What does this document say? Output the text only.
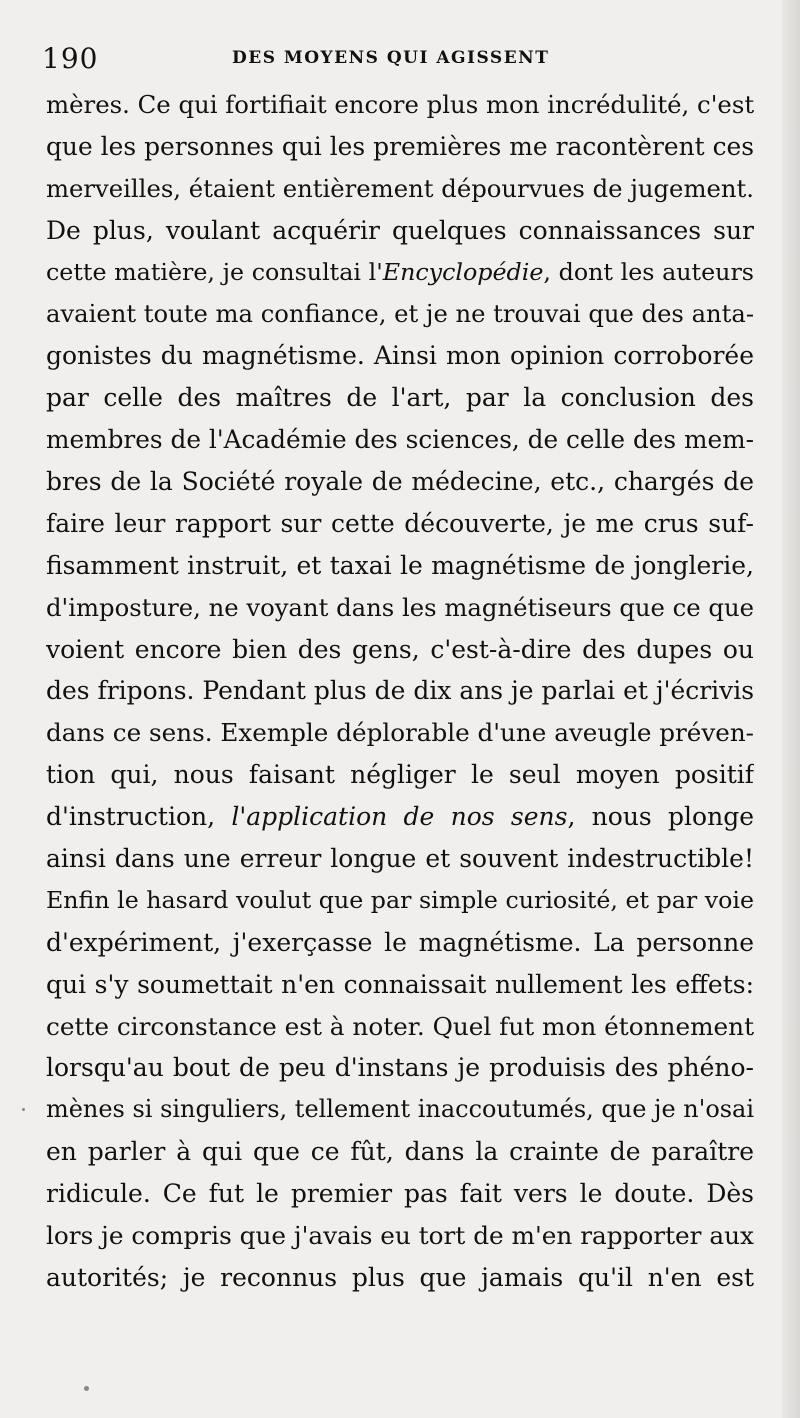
190	DES MOYENS QUI AGISSENT
mères. Ce qui fortifiait encore plus mon incrédulité, c'est
que les personnes qui les premières me racontèrent ces
merveilles, étaient entièrement dépourvues de jugement.
De plus, voulant acquérir quelques connaissances sur
cette matière, je consultai l'Encyclopédie, dont les auteurs
avaient toute ma confiance, et je ne trouvai que des anta-
gonistes du magnétisme. Ainsi mon opinion corroborée
par celle des maîtres de l'art, par la conclusion des
membres de l'Académie des sciences, de celle des mem-
bres de la Société royale de médecine, etc., chargés de
faire leur rapport sur cette découverte, je me crus suf-
fisamment instruit, et taxai le magnétisme de jonglerie,
d'imposture, ne voyant dans les magnétiseurs que ce que
voient encore bien des gens, c'est-à-dire des dupes ou
des fripons. Pendant plus de dix ans je parlai et j'écrivis
dans ce sens. Exemple déplorable d'une aveugle préven-
tion qui, nous faisant négliger le seul moyen positif
d'instruction, l'application de nos sens, nous plonge
ainsi dans une erreur longue et souvent indestructible!
Enfin le hasard voulut que par simple curiosité, et par voie
d'expériment, j'exerçasse le magnétisme. La personne
qui s'y soumettait n'en connaissait nullement les effets:
cette circonstance est à noter. Quel fut mon étonnement
lorsqu'au bout de peu d'instans je produisis des phéno-
mènes si singuliers, tellement inaccoutumés, que je n'osai
en parler à qui que ce fût, dans la crainte de paraître
ridicule. Ce fut le premier pas fait vers le doute. Dès
lors je compris que j'avais eu tort de m'en rapporter aux
autorités; je reconnus plus que jamais qu'il n'en est
